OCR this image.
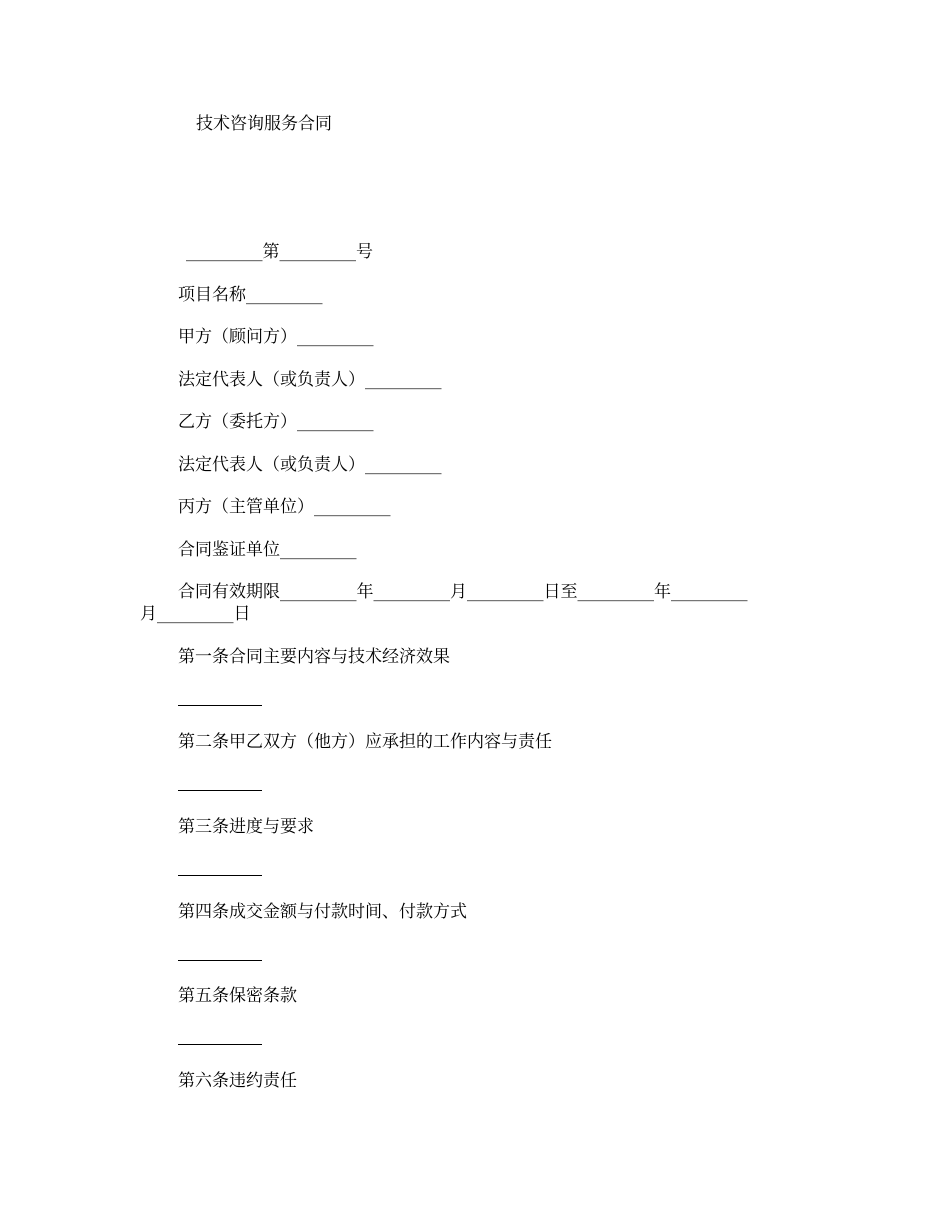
技术咨询服务合同
_________第_________号
项目名称_________
甲方（顾问方）_________
法定代表人（或负责人）_________
乙方（委托方）_________
法定代表人（或负责人）_________
丙方（主管单位）_________
合同鉴证单位_________
合同有效期限_________年_________月_________日至_________年_________
月_________日
第一条合同主要内容与技术经济效果
第二条甲乙双方（他方）应承担的工作内容与责任
第三条进度与要求
第四条成交金额与付款时间、付款方式
第五条保密条款
第六条违约责任
